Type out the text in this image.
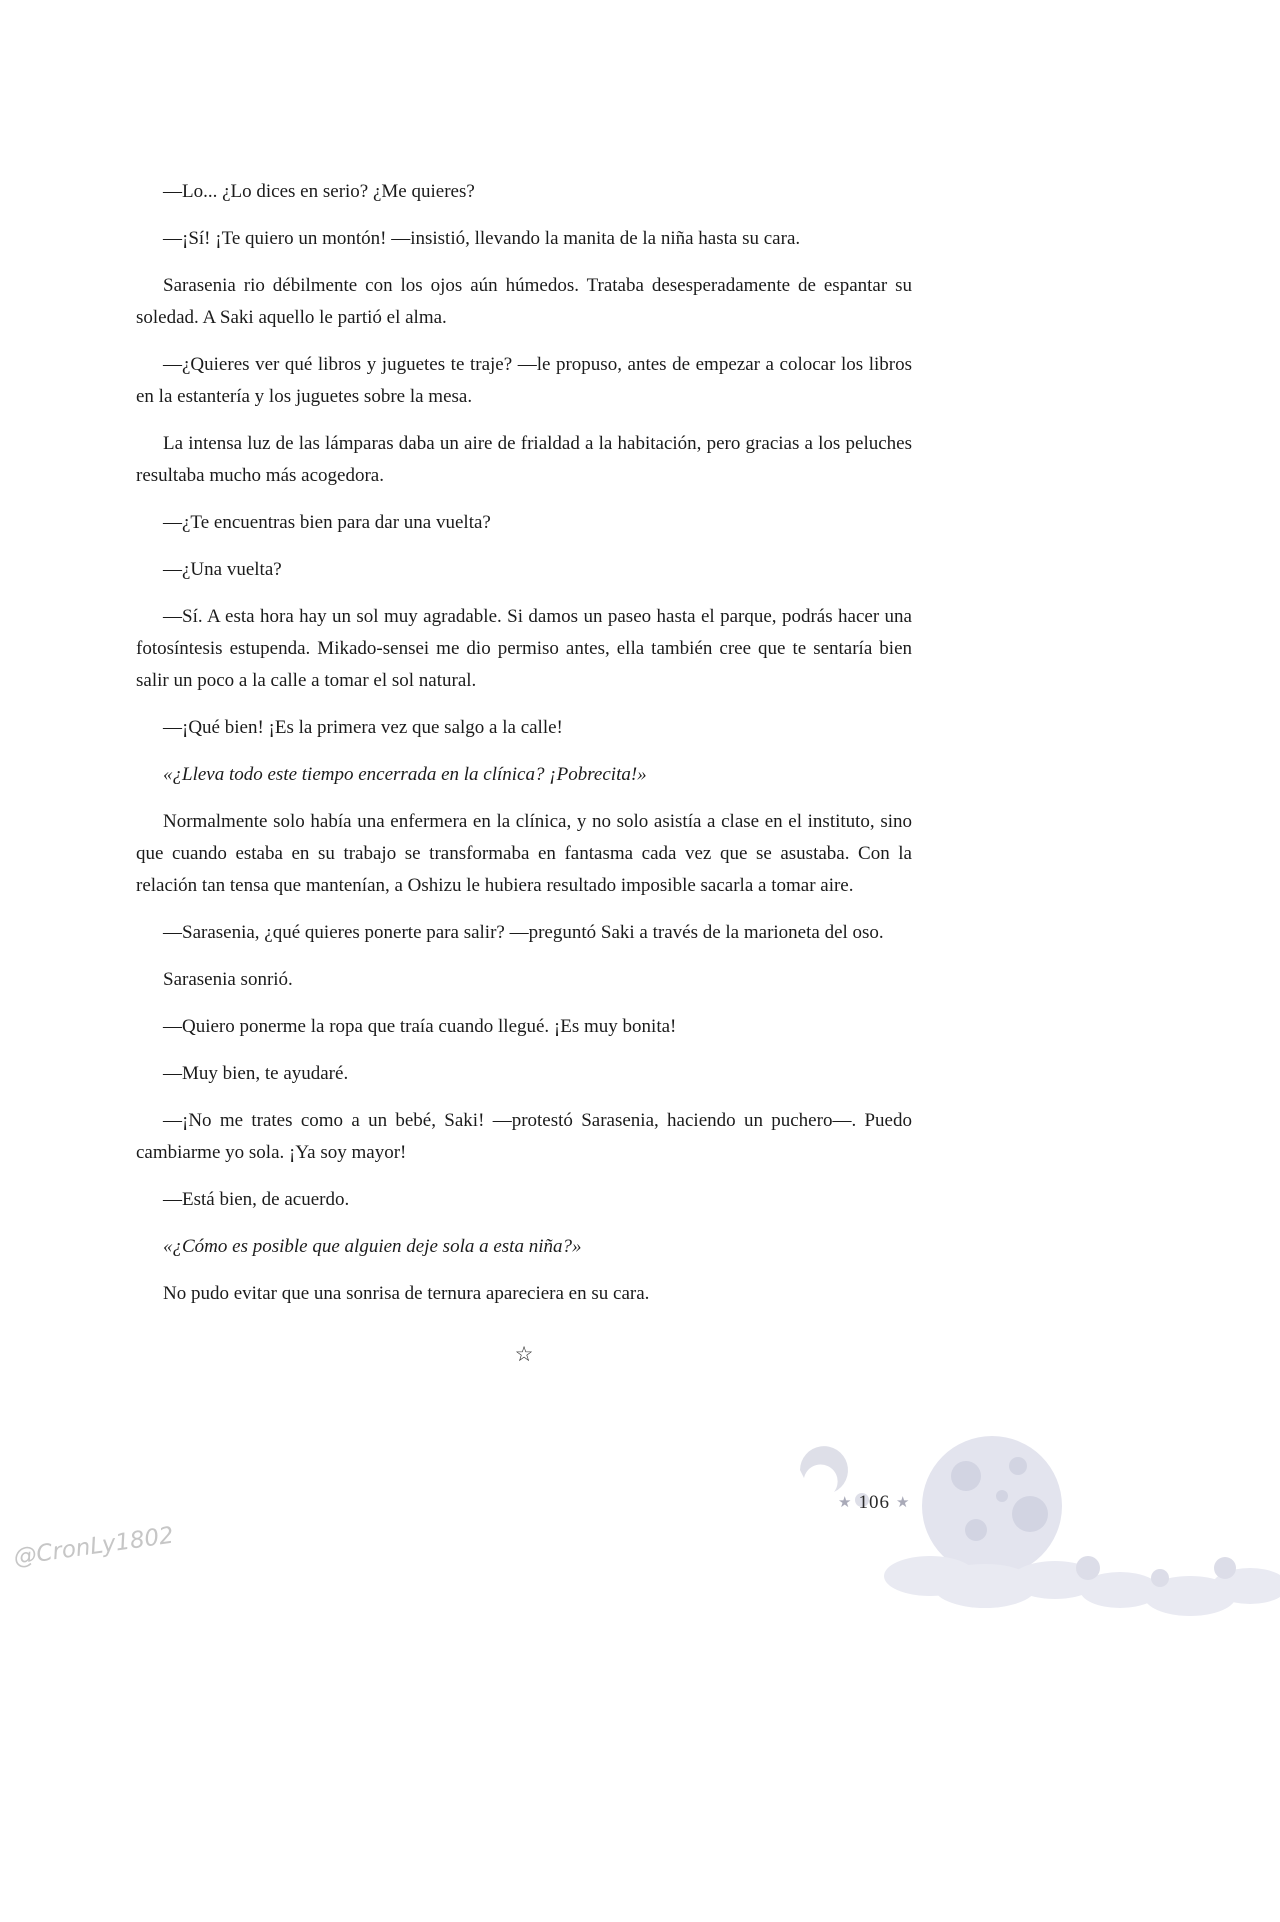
—Lo... ¿Lo dices en serio? ¿Me quieres?

—¡Sí! ¡Te quiero un montón! —insistió, llevando la manita de la niña hasta su cara.

Sarasenia rio débilmente con los ojos aún húmedos. Trataba desesperadamente de espantar su soledad. A Saki aquello le partió el alma.

—¿Quieres ver qué libros y juguetes te traje? —le propuso, antes de empezar a colocar los libros en la estantería y los juguetes sobre la mesa.

La intensa luz de las lámparas daba un aire de frialdad a la habitación, pero gracias a los peluches resultaba mucho más acogedora.

—¿Te encuentras bien para dar una vuelta?

—¿Una vuelta?

—Sí. A esta hora hay un sol muy agradable. Si damos un paseo hasta el parque, podrás hacer una fotosíntesis estupenda. Mikado-sensei me dio permiso antes, ella también cree que te sentaría bien salir un poco a la calle a tomar el sol natural.

—¡Qué bien! ¡Es la primera vez que salgo a la calle!

«¿Lleva todo este tiempo encerrada en la clínica? ¡Pobrecita!»

Normalmente solo había una enfermera en la clínica, y no solo asistía a clase en el instituto, sino que cuando estaba en su trabajo se transformaba en fantasma cada vez que se asustaba. Con la relación tan tensa que mantenían, a Oshizu le hubiera resultado imposible sacarla a tomar aire.

—Sarasenia, ¿qué quieres ponerte para salir? —preguntó Saki a través de la marioneta del oso.

Sarasenia sonrió.

—Quiero ponerme la ropa que traía cuando llegué. ¡Es muy bonita!

—Muy bien, te ayudaré.

—¡No me trates como a un bebé, Saki! —protestó Sarasenia, haciendo un puchero—. Puedo cambiarme yo sola. ¡Ya soy mayor!

—Está bien, de acuerdo.

«¿Cómo es posible que alguien deje sola a esta niña?»

No pudo evitar que una sonrisa de ternura apareciera en su cara.

☆

★ 106 ★
@CronLy1802
